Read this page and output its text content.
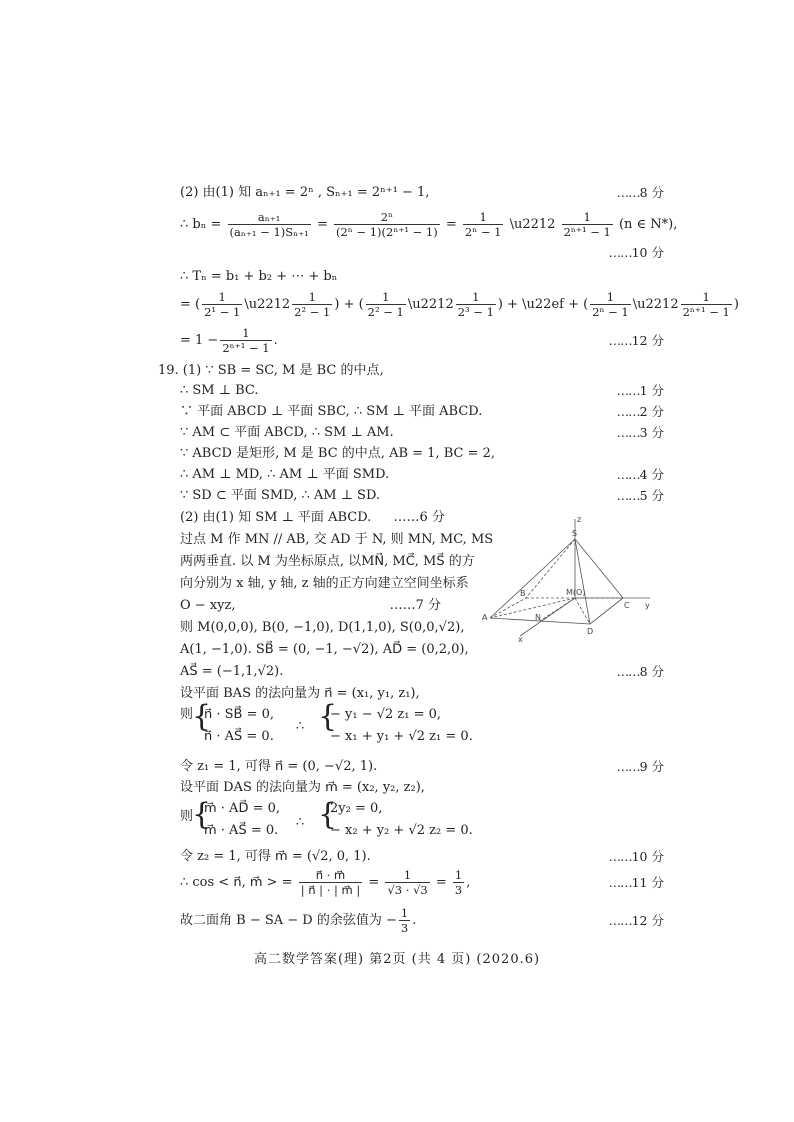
(2) 由(1) 知 aₙ₊₁ = 2ⁿ , Sₙ₊₁ = 2ⁿ⁺¹ − 1,	…… 8 分
∴ $b_n = \frac{\text{aₙ₊₁}}{\text{(aₙ₊₁ − 1)Sₙ₊₁}} = \frac{\text{2ⁿ}}{\text{(2ⁿ − 1)(2ⁿ⁺¹ − 1)}} = \frac{1}{\text{2ⁿ − 1}}$ \u2212 $\frac{1}{\text{2ⁿ⁺¹ − 1}} (n$ ∈ N*),
…… 10 分
∴ Tₙ = b₁ + b₂ + ⋯ + bₙ
= ( $\frac{1}{\text{2¹ − 1}}$ \u2212 $\frac{1}{\text{2² − 1}}$ ) + ( $\frac{1}{\text{2² − 1}}$ \u2212 $\frac{1}{\text{2³ − 1}}$ ) + \u22ef + ( $\frac{1}{\text{2ⁿ − 1}}$ \u2212 $\frac{1}{\text{2ⁿ⁺¹ − 1}}$ )
= $1 - \frac{1}{\text{2ⁿ⁺¹ − 1}}$ .	…… 12 分
19. (1) ∵ SB = SC, M 是 BC 的中点,
∴ SM ⊥ BC.	…… 1 分
∵ 平面 ABCD ⊥ 平面 SBC, ∴ SM ⊥ 平面 ABCD.	…… 2 分
∵ AM ⊂ 平面 ABCD, ∴ SM ⊥ AM.	…… 3 分
∵ ABCD 是矩形, M 是 BC 的中点, AB = 1, BC = 2,
∴ AM ⊥ MD, ∴ AM ⊥ 平面 SMD.	…… 4 分
∵ SD ⊂ 平面 SMD, ∴ AM ⊥ SD.	…… 5 分
(2) 由(1) 知 SM ⊥ 平面 ABCD. ……6 分
过点 M 作 MN // AB, 交 AD 于 N, 则 MN, MC, MS
两两垂直. 以 M 为坐标原点, 以MN⃗, MC⃗, MS⃗ 的方
向分别为 x 轴, y 轴, z 轴的正方向建立空间坐标系
O − xyz,	……7 分
则 M(0,0,0), B(0, −1,0), D(1,1,0), S(0,0,√2),
A(1, −1,0). SB⃗ = (0, −1, −√2), AD⃗ = (0,2,0),
AS⃗ = (−1,1,√2).	…… 8 分
设平面 BAS 的法向量为 n⃗ = (x₁, y₁, z₁),
则
{
n⃗ · SB⃗ = 0,
n⃗ · AS⃗ = 0.
∴ {
− y₁ − √2 z₁ = 0,
− x₁ + y₁ + √2 z₁ = 0.
令 z₁ = 1, 可得 n⃗ = (0, −√2, 1).	…… 9 分
设平面 DAS 的法向量为 m⃗ = (x₂, y₂, z₂),
则
{
m⃗ · AD⃗ = 0,
m⃗ · AS⃗ = 0.
∴ {
2y₂ = 0,
− x₂ + y₂ + √2 z₂ = 0.
令 z₂ = 1, 可得 m⃗ = (√2, 0, 1).	…… 10 分
∴ cos < n⃗, m⃗ > = $\frac{n⃗ \cdot m⃗}{| n⃗ | \cdot | m⃗ |} = \frac{1}{√3 \cdot √3} = \frac{1}{3}$ ,	…… 11 分
故二面角 B − SA − D 的余弦值为 − $\frac{1}{3}$ .	…… 12 分
S
z
B
A
C
D
N
M(O)
y
x
高二数学答案(理) 第2页 (共 4 页) (2020.6)
